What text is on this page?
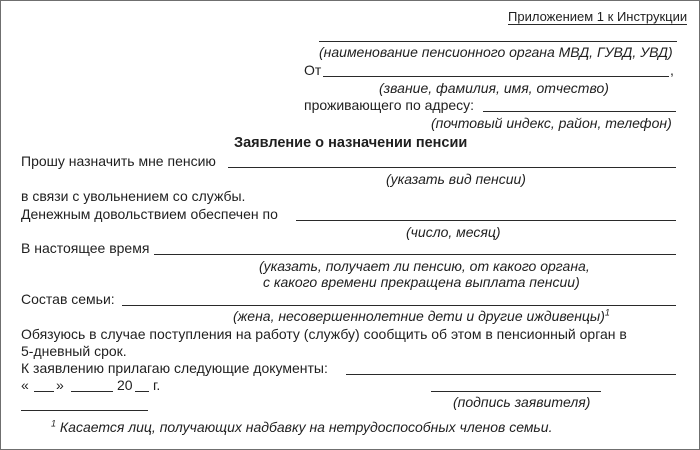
Приложением 1 к Инструкции
(наименование пенсионного органа МВД, ГУВД, УВД)
От	,
(звание, фамилия, имя, отчество)
проживающего по адресу:
(почтовый индекс, район, телефон)
Заявление о назначении пенсии
Прошу назначить мне пенсию
(указать вид пенсии)
в связи с увольнением со службы.
Денежным довольствием обеспечен по
(число, месяц)
В настоящее время
(указать, получает ли пенсию, от какого органа,
с какого времени прекращена выплата пенсии)
Состав семьи:
(жена, несовершеннолетние дети и другие иждивенцы)$^1$
Обязуюсь в случае поступления на работу (службу) сообщить об этом в пенсионный орган в
5-дневный срок.
К заявлению прилагаю следующие документы:
« »	20 г.
(подпись заявителя)
$^1$ Касается лиц, получающих надбавку на нетрудоспособных членов семьи.
